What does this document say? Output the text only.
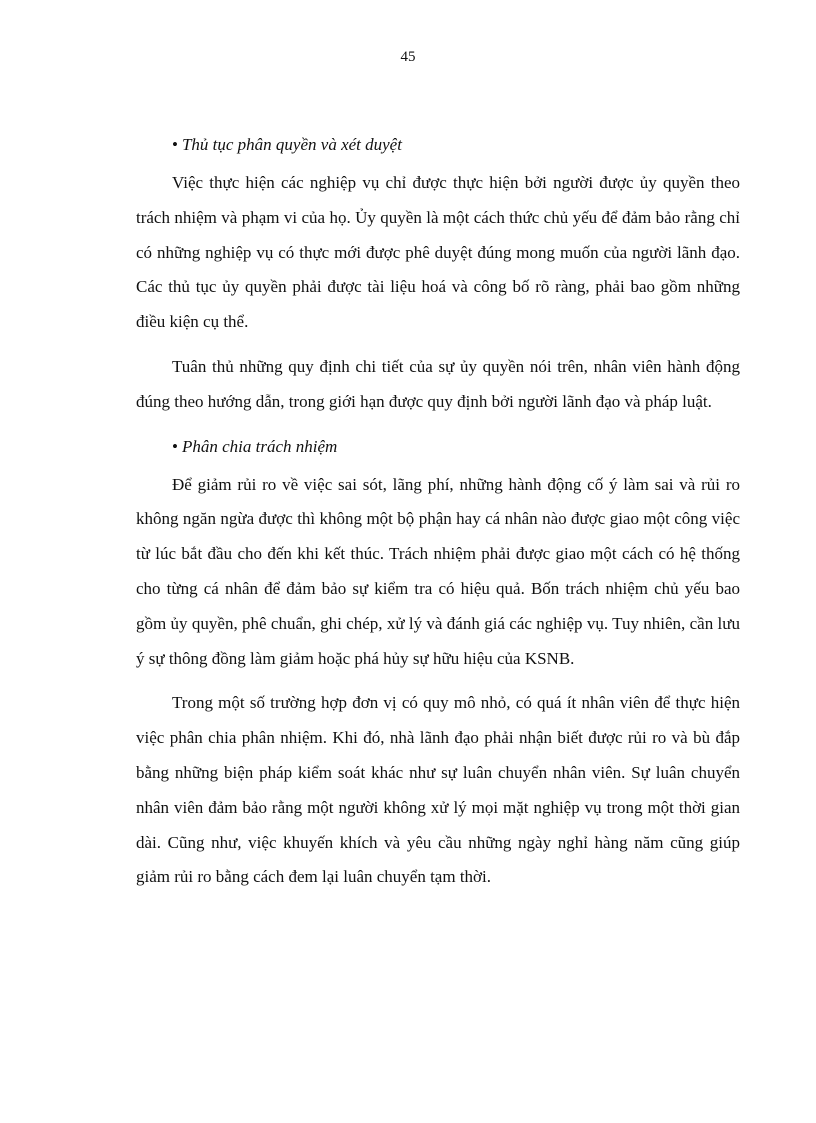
45
• Thủ tục phân quyền và xét duyệt

Việc thực hiện các nghiệp vụ chỉ được thực hiện bởi người được ủy quyền theo trách nhiệm và phạm vi của họ. Ủy quyền là một cách thức chủ yếu để đảm bảo rằng chỉ có những nghiệp vụ có thực mới được phê duyệt đúng mong muốn của người lãnh đạo. Các thủ tục ủy quyền phải được tài liệu hoá và công bố rõ ràng, phải bao gồm những điều kiện cụ thể.

Tuân thủ những quy định chi tiết của sự ủy quyền nói trên, nhân viên hành động đúng theo hướng dẫn, trong giới hạn được quy định bởi người lãnh đạo và pháp luật.

• Phân chia trách nhiệm

Để giảm rủi ro về việc sai sót, lãng phí, những hành động cố ý làm sai và rủi ro không ngăn ngừa được thì không một bộ phận hay cá nhân nào được giao một công việc từ lúc bắt đầu cho đến khi kết thúc. Trách nhiệm phải được giao một cách có hệ thống cho từng cá nhân để đảm bảo sự kiểm tra có hiệu quả. Bốn trách nhiệm chủ yếu bao gồm ủy quyền, phê chuẩn, ghi chép, xử lý và đánh giá các nghiệp vụ. Tuy nhiên, cần lưu ý sự thông đồng làm giảm hoặc phá hủy sự hữu hiệu của KSNB.

Trong một số trường hợp đơn vị có quy mô nhỏ, có quá ít nhân viên để thực hiện việc phân chia phân nhiệm. Khi đó, nhà lãnh đạo phải nhận biết được rủi ro và bù đắp bằng những biện pháp kiểm soát khác như sự luân chuyển nhân viên. Sự luân chuyển nhân viên đảm bảo rằng một người không xử lý mọi mặt nghiệp vụ trong một thời gian dài. Cũng như, việc khuyến khích và yêu cầu những ngày nghỉ hàng năm cũng giúp giảm rủi ro bằng cách đem lại luân chuyển tạm thời.
